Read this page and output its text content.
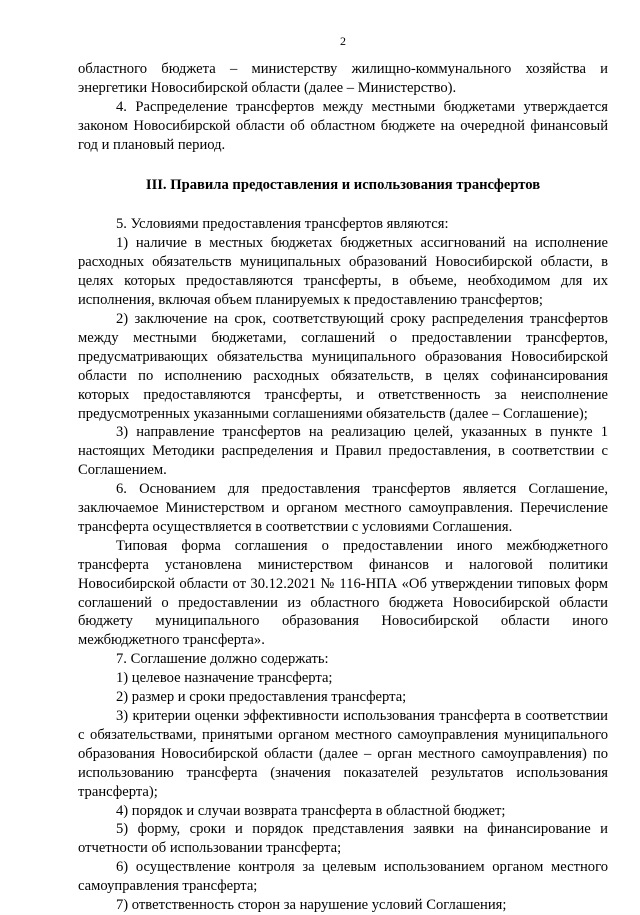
2

областного бюджета – министерству жилищно-коммунального хозяйства и энергетики Новосибирской области (далее – Министерство).

4. Распределение трансфертов между местными бюджетами утверждается законом Новосибирской области об областном бюджете на очередной финансовый год и плановый период.

III. Правила предоставления и использования трансфертов

5. Условиями предоставления трансфертов являются:

1) наличие в местных бюджетах бюджетных ассигнований на исполнение расходных обязательств муниципальных образований Новосибирской области, в целях которых предоставляются трансферты, в объеме, необходимом для их исполнения, включая объем планируемых к предоставлению трансфертов;

2) заключение на срок, соответствующий сроку распределения трансфертов между местными бюджетами, соглашений о предоставлении трансфертов, предусматривающих обязательства муниципального образования Новосибирской области по исполнению расходных обязательств, в целях софинансирования которых предоставляются трансферты, и ответственность за неисполнение предусмотренных указанными соглашениями обязательств (далее – Соглашение);

3) направление трансфертов на реализацию целей, указанных в пункте 1 настоящих Методики распределения и Правил предоставления, в соответствии с Соглашением.

6. Основанием для предоставления трансфертов является Соглашение, заключаемое Министерством и органом местного самоуправления. Перечисление трансферта осуществляется в соответствии с условиями Соглашения.

Типовая форма соглашения о предоставлении иного межбюджетного трансферта установлена министерством финансов и налоговой политики Новосибирской области от 30.12.2021 № 116-НПА «Об утверждении типовых форм соглашений о предоставлении из областного бюджета Новосибирской области бюджету муниципального образования Новосибирской области иного межбюджетного трансферта».

7. Соглашение должно содержать:

1) целевое назначение трансферта;

2) размер и сроки предоставления трансферта;

3) критерии оценки эффективности использования трансферта в соответствии с обязательствами, принятыми органом местного самоуправления муниципального образования Новосибирской области (далее – орган местного самоуправления) по использованию трансферта (значения показателей результатов использования трансферта);

4) порядок и случаи возврата трансферта в областной бюджет;

5) форму, сроки и порядок представления заявки на финансирование и отчетности об использовании трансферта;

6) осуществление контроля за целевым использованием органом местного самоуправления трансферта;

7) ответственность сторон за нарушение условий Соглашения;
